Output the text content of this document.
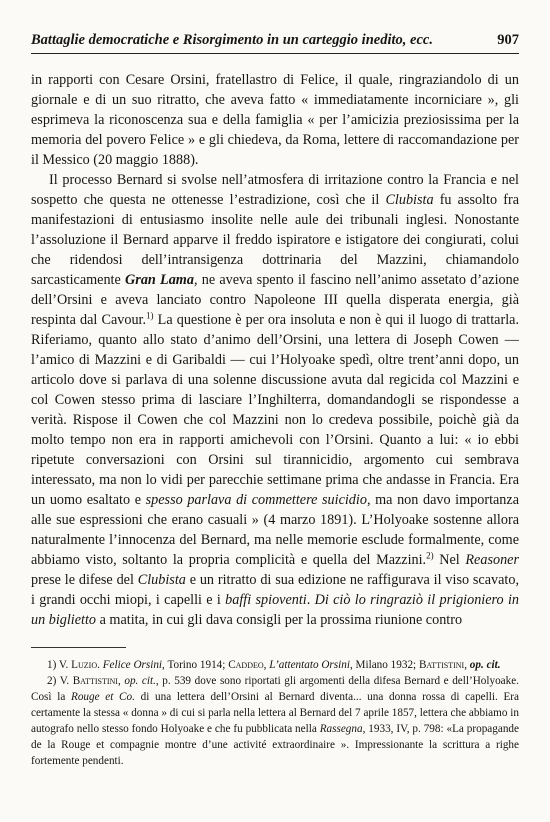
Battaglie democratiche e Risorgimento in un carteggio inedito, ecc.	907

in rapporti con Cesare Orsini, fratellastro di Felice, il quale, ringraziandolo di un giornale e di un suo ritratto, che aveva fatto « immediatamente incorniciare », gli esprimeva la riconoscenza sua e della famiglia « per l’amicizia preziosissima per la memoria del povero Felice » e gli chiedeva, da Roma, lettere di raccomandazione per il Messico (20 maggio 1888).

Il processo Bernard si svolse nell’atmosfera di irritazione contro la Francia e nel sospetto che questa ne ottenesse l’estradizione, così che il Clubista fu assolto fra manifestazioni di entusiasmo insolite nelle aule dei tribunali inglesi. Nonostante l’assoluzione il Bernard apparve il freddo ispiratore e istigatore dei congiurati, colui che ridendosi dell’intransigenza dottrinaria del Mazzini, chiamandolo sarcasticamente Gran Lama, ne aveva spento il fascino nell’animo assetato d’azione dell’Orsini e aveva lanciato contro Napoleone III quella disperata energia, già respinta dal Cavour.$^{1)}$ La questione è per ora insoluta e non è qui il luogo di trattarla. Riferiamo, quanto allo stato d’animo dell’Orsini, una lettera di Joseph Cowen — l’amico di Mazzini e di Garibaldi — cui l’Holyoake spedì, oltre trent’anni dopo, un articolo dove si parlava di una solenne discussione avuta dal regicida col Mazzini e col Cowen stesso prima di lasciare l’Inghilterra, domandandogli se rispondesse a verità. Rispose il Cowen che col Mazzini non lo credeva possibile, poichè già da molto tempo non era in rapporti amichevoli con l’Orsini. Quanto a lui: « io ebbi ripetute conversazioni con Orsini sul tirannicidio, argomento cui sembrava interessato, ma non lo vidi per parecchie settimane prima che andasse in Francia. Era un uomo esaltato e spesso parlava di commettere suicidio, ma non davo importanza alle sue espressioni che erano casuali » (4 marzo 1891). L’Holyoake sostenne allora naturalmente l’innocenza del Bernard, ma nelle memorie esclude formalmente, come abbiamo visto, soltanto la propria complicità e quella del Mazzini.$^{2)}$ Nel Reasoner prese le difese del Clubista e un ritratto di sua edizione ne raffigurava il viso scavato, i grandi occhi miopi, i capelli e i baffi spioventi. Di ciò lo ringraziò il prigioniero in un biglietto a matita, in cui gli dava consigli per la prossima riunione contro

1) V. Luzio. Felice Orsini, Torino 1914; Caddeo, L’attentato Orsini, Milano 1932; Battistini, op. cit.

2) V. Battistini, op. cit., p. 539 dove sono riportati gli argomenti della difesa Bernard e dell’Holyoake. Così la Rouge et Co. di una lettera dell’Orsini al Bernard diventa... una donna rossa di capelli. Era certamente la stessa « donna » di cui si parla nella lettera al Bernard del 7 aprile 1857, lettera che abbiamo in autografo nello stesso fondo Holyoake e che fu pubblicata nella Rassegna, 1933, IV, p. 798: «La propagande de la Rouge et compagnie montre d’une activité extraordinaire ». Impressionante la scrittura a righe fortemente pendenti.
